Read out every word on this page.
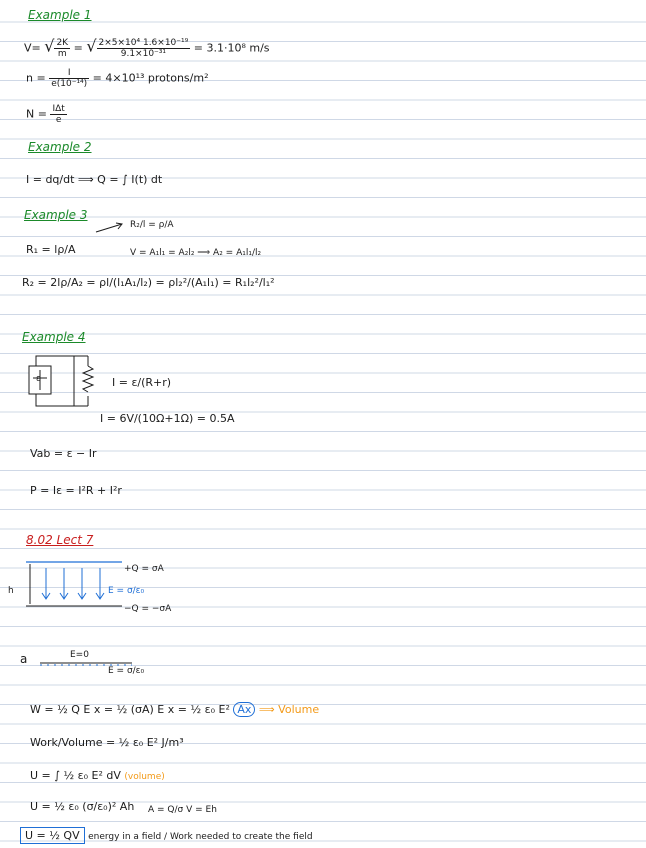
Example 1
V= √ $\frac{2K}{m}$ = √ $\frac{\text{2×5×10⁴ 1.6×10⁻¹⁹}}{\text{9.1×10⁻³¹}} = 3.1\cdot 10^8$ m/s
$n = \frac{I}{\text{e(10⁻¹⁴)}} = 4\times 10^{13}$ protons/m²
$N = \frac{\text{IΔt}}{e}$
Example 2
I = dq/dt ⟹ Q = ∫ I(t) dt
Example 3
R₂/l = ρ/A
R₁ = lρ/A	V = A₁l₁ = A₂l₂ ⟹ A₂ = A₁l₁/l₂
R₂ = 2lρ/A₂ = ρl/(l₁A₁/l₂) = ρl₂²/(A₁l₁) = R₁l₂²/l₁²
Example 4
ε	I = ε/(R+r)
I = 6V/(10Ω+1Ω) = 0.5A
Vab = ε − Ir
P = Iε = I²R + I²r
8.02 Lect 7
h
+Q = σA
E = σ/ε₀
−Q = −σA
a	E=0
E = σ/ε₀
W = ½ Q E x = ½ (σA) E x = ½ ε₀ E² Ax ⟹ Volume
Work/Volume = ½ ε₀ E² J/m³
U = ∫ ½ ε₀ E² dV (volume)
U = ½ ε₀ (σ/ε₀)² Ah A = Q/σ V = Eh
U = ½ QV energy in a field / Work needed to create the field
